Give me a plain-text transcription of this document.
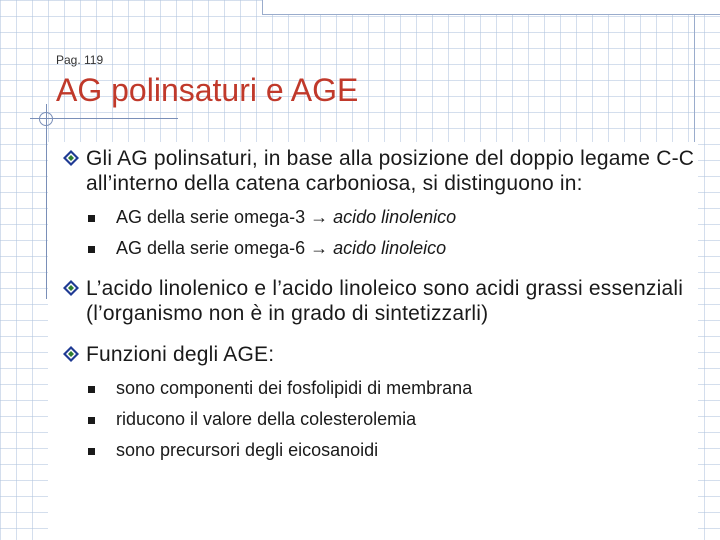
Pag. 119
AG polinsaturi e AGE
Gli AG polinsaturi, in base alla posizione del doppio legame C-C all’interno della catena carboniosa, si distinguono in:
AG della serie omega-3 → acido linolenico
AG della serie omega-6 → acido linoleico
L’acido linolenico e l’acido linoleico sono acidi grassi essenziali (l’organismo non è in grado di sintetizzarli)
Funzioni degli AGE:
sono componenti dei fosfolipidi di membrana
riducono il valore della colesterolemia
sono precursori degli eicosanoidi
